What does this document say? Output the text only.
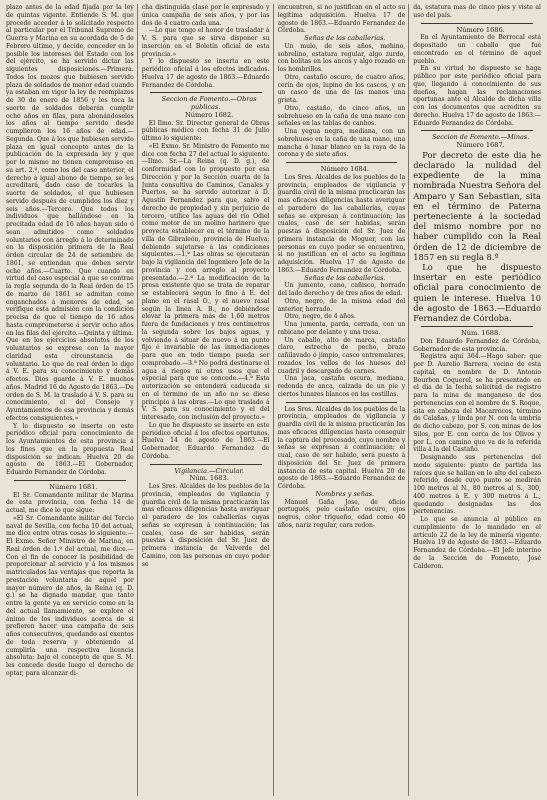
plazo antes de la edad fijada por la ley de quintas vigente. Entiende S. M. que procede acceder á lo solicitado respecto al particular por el Tribunal Supremo de Guerra y Marina en su acordada de 5 de Febrero último, y decide, conceder en lo posible los intereses del Estado con los del ejército, se ha servido dictar las siguientes disposiciones.—Primera. Todos los mozos que hubiesen servido plaza de soldados de menor edad cuando ya estaban en vigor la ley de reemplazos de 30 de enero de 1856 y les toca la suerte de soldados deberán cumplir ocho años en filas, para abonándoseles los años al tiempo servido desde cumplieron los 16 años de edad.—Segunda. Que á los que hubiesen servido plaza en igual concepto antes de la publicación de la expresada ley y que por lo mismo no tienen compromiso en su art. 2.º, como los del caso anterior, el derecho á igual abono de tiempo, se les acreditará, dado caso de tocarles la suerte de soldados, el que hubiesen servido después de cumplidos los diez y seis años.—Tercero. Que todos los individuos que hallándose en la precitada edad de 16 años hayan sido ó sean admitidos como soldados voluntarios con arreglo á lo determinado en la disposición primera de la Real órden circular de 24 de setiembre de 1861, se entiendan que deben servir ocho años.—Cuarto. Que cuando en virtud del caso especial á que se contrae la regla segunda de la Real órden de 15 de marzo de 1861 se admitan como enganchados á menores de edad, se verifique esta admisión con la condición precisa de que el tiempo de 16 años hasta comprometerse á servir ocho años en las filas del ejército.—Quinta y última. Que en los ejercicios absolutos de los voluntarios se exprese con la mayor claridad esta circunstancia de voluntario. Lo que de real órden lo digo á V. E. para su conocimiento y demás efectos. Dios guarde á V. E. muchos años. Madrid 16 de Agosto de 1863.—De orden de S. M. la traslado á V. S. para su conocimiento, el del Consejo y Ayuntamientos de esa provincia y demás efectos consiguientes.»

Y lo dispuesto se inserta en este periódico oficial para conocimiento de los Ayuntamientos de esta provincia á los fines que en la propuesta Real disposición se indican. Huelva 20 de agosto de 1863.—El Gobernador, Eduardo Fernandez de Córdoba.

Número 1681.

El Sr. Comandante militar de Marina de esta provincia, con fecha 14 de actual, me dice lo que sigue:

«El Sr. Comandante militar del Tercio naval de Sevilla, con fecha 10 del actual, me dice entre otras cosas lo siguiente.—El Exmo. Señor Ministro de Marina, en Real órden de 1.º del actual, me dice.—Con el fin de conocer la posibilidad de proporcionar al servicio y á los mismos matriculados las ventajas que reporta la prestación voluntaria de aquel por mayor número de años, la Reina (q. D. g.) se ha dignado mandar, que tanto entre la gente ya en servicio como en la del actual llamamiento, se explore el ánimo de los individuos acerca de si prefieren hacer una campaña de seis años consecutivos, quedando así exentos de toda reserva y obteniendo al cumplirla una respectiva licencia absoluta; bajo el concepto de que S. M. les concede desde luego el derecho de optar, para alcanzar di-

cha distinguida clase por le expresado y única campaña de seis años, y por las dos de 4 cuatro cada una.

—Lo que tengo el honor de trasladar á V. S. para que se sirva disponer su inserción en el Boletín oficial de esta provincia.»

Y lo dispuesto se inserta en este periódico oficial á los efectos indicados. Huelva 17 de agosto de 1863.—Eduardo Fernandez de Córdoba.

Seccion de Fomento.—Obras públicas.

Número 1682.

El Ilmo. Sr. Director general de Obras públicas médico con fecha 31 de Julio último lo siguiente:

«El Exmo. Sr. Ministro de Fomento me dice con fecha 27 del actual lo siguiente.—Ilmo. Sr.—La Reina (q. D. g.), de conformidad con lo propuesto por esa Dirección y por la Sección cuarta de la Junta consultiva de Caminos, Canales y Puertos, se ha servido autorizar á D. Agustín Fernandez para que, salvo el derecho de propiedad y sin perjuicio de tercero, utilice las aguas del río Odiel como motor de un molino harinero que proyecta establecer en el término de la villa de Gibraleón, provincia de Huelva; debiendo sujetarse á las condiciones siguientes.—1.ª Las obras se ejecutarán bajo la vigilancia del Ingeniero Jefe de la provincia y con arreglo al proyecto presentado.—2.ª La modificación de la presa existente que se trata de reparar se establecerá según lo fino á E. del plano en el rasal O., y el nuevo rasal según la linea A. B., no debiéndose elevar la primera más de 1,60 metros fuera de fundaciones y tres centímetros la segunda sobre los bajos aguas, y volviendo á situar de nuevo á un punto fijo é invariable de las inmediaciones para que en todo tiempo pueda ser comprobado.—3.ª No podrá destinarse el agua á riegos ni otros usos que el especial para que se concede.—4.ª Esta autorización se entenderá caducada si en el término de un año no se diese principio á las obras.—Lo que traslado á V. S. para su conocimiento y el del interesado, con inclusión del proyecto.»

Lo que he dispuesto se inserte en este periódico oficial á los efectos oportunos. Huelva 14 de agosto de 1863.—El Gobernador, Eduardo Fernandez de Córdoba.

Vigilancia.—Circular.

Núm. 1683.

Los Sres. Alcaldes de los pueblos de la provincia, empleados de vigilancia y guardia civil de la misma practicarán las mas eficaces diligencias hasta averiguar el paradero de los caballerías cuyas señas se expresan á continuación; las cuales, caso de ser habidas, serán puestas á disposición del Sr. Juez de primera instancia de Valverde del Camino, con las personas en cuyo poder se

encuentren, si no justifican en el acto su legítima adquisición. Huelva 17 de agosto de 1863.—Eduardo Fernandez de Córdoba.

Señas de las caballerías.

Un mulo, de seis años, mohino, sobrelino, estatura regular, algo zurdo, con bolitas en los ancos y algo rozado en los hombrillos.

Otro, castaño oscuro, de cuatro años, cerín de ojos, lupino de los cascos, y en un casco de una de las manos una grieta.

Otro, castaño, de cinco años, un sobrehueso en la caña de una mano con señales en las tablas de canhos.

Una yegua negra, mediana, con un sobrehueso en la caña de una mano, una mancha ó lunar blanco en la raya de la corona y de siete años.

Número 1684.

Los Sres. Alcaldes de los pueblos de la provincia, empleados de vigilancia y guardia civil de la misma practicarán las mas eficaces diligencias hasta averiguar el paradero de las caballerías, cuyas señas se expresan á continuación; las cuales, caso de ser habidas, serán puestas á disposición del Sr. Juez de primera instancia de Moguer, con las personas en cuyo poder se encuentren, si no justifican en el acto su legítima adquisición. Huelva 17 de Agosto de 1863.—Eduardo Fernandez de Córdoba.

Señas de las caballerías.

Un jumento, cano, cañisco, horrado del lado derecho y de tres años de edad.

Otro, negro, de la misma edad del anterior, herrado.

Otro, negro, de 4 años.

Una jumenta, parda, cerrada, con un rabicano por delante y una trosa.

Un caballo, alto de marca, castaño claro, estrecho de pecho, brazo cañilavado ó jímpio, casco entremulares, rozados los vellos de los huesos del cuadril y descargado de carnes.

Una jaca, castaña oscura, mediana, redonda de anca, calzada de un pie y ciertos lunares blancos en las costillas.

Los Sres. Alcaldes de los pueblos de la provincia, empleados de vigilancia y guardia civil de la misma practicarán las mas eficaces diligencias hasta conseguir la captura del procesado, cuyo nombre y señas se expresan á continuación; el cual, caso de ser habido, será puesto á disposición del Sr. Juez de primera instancia de esta capital. Huelva 20 de agosto de 1863.—Eduardo Fernandez de Córdoba.

Nombres y señas.

Manuel Gaña Jose, de oficio portugués, pelo castaño oscuro, ojos negros, color trigueño, edad como 40 años, nariz regular, cara redon-

da, estatura mas de cinco pies y viste al uso del país.

Número 1686.

En el Ayuntamiento de Berrocal está depositado un caballo que fué encontrado en el término de aquel pueblo.

En su virtud he dispuesto se haga público por este periódico oficial para que, llegando á conocimiento de sus dueños, hagan las reclamaciones oportunas ante el Alcalde de dicha villa con los documentos que acrediten su derecho. Huelva 17 de agosto de 1863.—Eduardo Fernandez de Córdoba.

Seccion de Fomento.—Minas.

Número 1687.

Por decreto de este dia he declarado la nulidad del expediente de la mina nombrada Nuestra Señora del Amparo y San Sebastian, sita en el término de Paterna perteneciente á la sociedad del mismo nombre por no haber cumplido con la Real órden de 12 de diciembre de 1857 en su regla 8.ª

Lo que he dispuesto insertar en este periódico oficial para conocimiento de quien le interese. Huelva 10 de agosto de 1863.—Eduardo Fernandez de Córdoba.

Núm. 1688.

Don Eduardo Fernandez de Córdoba, Gobernador de esta provincia.

Registra aquí 364.—Hago saber: que por D. Aurelio Barrera, vecino de esta capital, en nombre de D. Antonio Bourbon Coquerel, se ha presentado en el dia de la fecha solicitud de registro para la mina de manganeso de dos pertenencias con el nombre de S. Roque, sita en cabeza del Macarrocos, término de Calañas, y linda por N. con la umbría de dicho cabezo, por S. con minas de los Silos, por E. con cerca de los Olivos y por L. con camino que va de la referida villa á la del Castaño.

Designando sus pertenencias del modo siguiente: punto de partida las raíces que se hallan en lo alto del cabezo referido, desde cuyo punto se medirán 100 metros al N., 80 metros al S., 300, 400 metros á E. y 300 metros á L., quedando designadas las dos pertenencias.

Lo que se anuncia al público en cumplimiento de lo mandado en el artículo 22 de la ley de minería vigente. Huelva 19 de Agosto de 1863.—Eduardo Fernandez de Córdoba.—El Jefe interino de la Sección de Fomento, José Calderon.
